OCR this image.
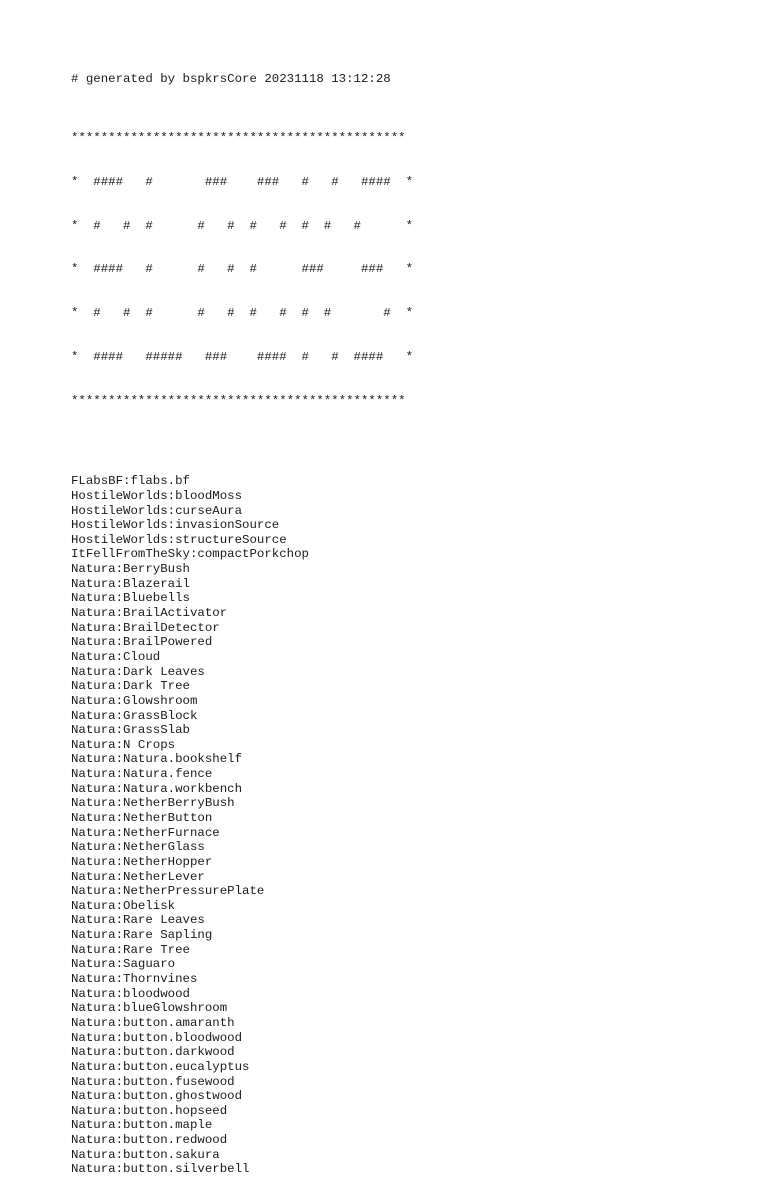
# generated by bspkrsCore 20231118 13:12:28

*********************************************

*  ####   #       ###    ###   #   #   ####  *

*  #   #  #      #   #  #   #  #  #   #      *

*  ####   #      #   #  #      ###     ###   *

*  #   #  #      #   #  #   #  #  #       #  *

*  ####   #####   ###    ####  #   #  ####   *

*********************************************

FLabsBF:flabs.bf
HostileWorlds:bloodMoss
HostileWorlds:curseAura
HostileWorlds:invasionSource
HostileWorlds:structureSource
ItFellFromTheSky:compactPorkchop
Natura:BerryBush
Natura:Blazerail
Natura:Bluebells
Natura:BrailActivator
Natura:BrailDetector
Natura:BrailPowered
Natura:Cloud
Natura:Dark Leaves
Natura:Dark Tree
Natura:Glowshroom
Natura:GrassBlock
Natura:GrassSlab
Natura:N Crops
Natura:Natura.bookshelf
Natura:Natura.fence
Natura:Natura.workbench
Natura:NetherBerryBush
Natura:NetherButton
Natura:NetherFurnace
Natura:NetherGlass
Natura:NetherHopper
Natura:NetherLever
Natura:NetherPressurePlate
Natura:Obelisk
Natura:Rare Leaves
Natura:Rare Sapling
Natura:Rare Tree
Natura:Saguaro
Natura:Thornvines
Natura:bloodwood
Natura:blueGlowshroom
Natura:button.amaranth
Natura:button.bloodwood
Natura:button.darkwood
Natura:button.eucalyptus
Natura:button.fusewood
Natura:button.ghostwood
Natura:button.hopseed
Natura:button.maple
Natura:button.redwood
Natura:button.sakura
Natura:button.silverbell
